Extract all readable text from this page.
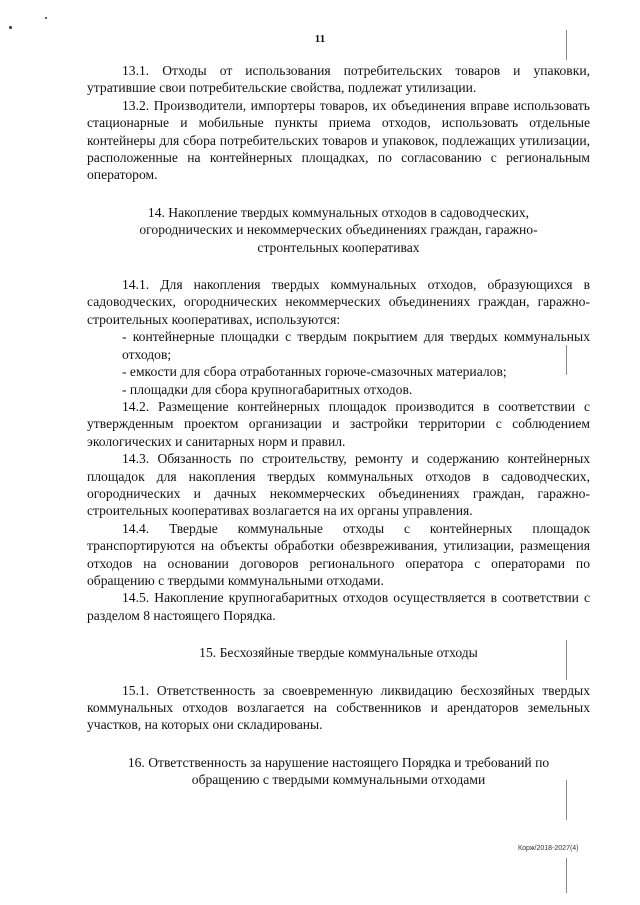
11

13.1. Отходы от использования потребительских товаров и упаковки, утратившие свои потребительские свойства, подлежат утилизации.

13.2. Производители, импортеры товаров, их объединения вправе использовать стационарные и мобильные пункты приема отходов, использовать отдельные контейнеры для сбора потребительских товаров и упаковок, подлежащих утилизации, расположенные на контейнерных площадках, по согласованию с региональным оператором.

14. Накопление твердых коммунальных отходов в садоводческих, огороднических и некоммерческих объединениях граждан, гаражно-стронтельных кооперативах

14.1. Для накопления твердых коммунальных отходов, образующихся в садоводческих, огороднических некоммерческих объединениях граждан, гаражно-строительных кооперативах, используются:

- контейнерные площадки с твердым покрытием для твердых коммунальных отходов;

- емкости для сбора отработанных горюче-смазочных материалов;

- площадки для сбора крупногабаритных отходов.

14.2. Размещение контейнерных площадок производится в соответствии с утвержденным проектом организации и застройки территории с соблюдением экологических и санитарных норм и правил.

14.3. Обязанность по строительству, ремонту и содержанию контейнерных площадок для накопления твердых коммунальных отходов в садоводческих, огороднических и дачных некоммерческих объединениях граждан, гаражно-строительных кооперативах возлагается на их органы управления.

14.4. Твердые коммунальные отходы с контейнерных площадок транспортируются на объекты обработки обезвреживания, утилизации, размещения отходов на основании договоров регионального оператора с операторами по обращению с твердыми коммунальными отходами.

14.5. Накопление крупногабаритных отходов осуществляется в соответствии с разделом 8 настоящего Порядка.

15. Бесхозяйные твердые коммунальные отходы

15.1. Ответственность за своевременную ликвидацию бесхозяйных твердых коммунальных отходов возлагается на собственников и арендаторов земельных участков, на которых они складированы.

16. Ответственность за нарушение настоящего Порядка и требований по обращению с твердыми коммунальными отходами

Корж/2018-2027(4)
